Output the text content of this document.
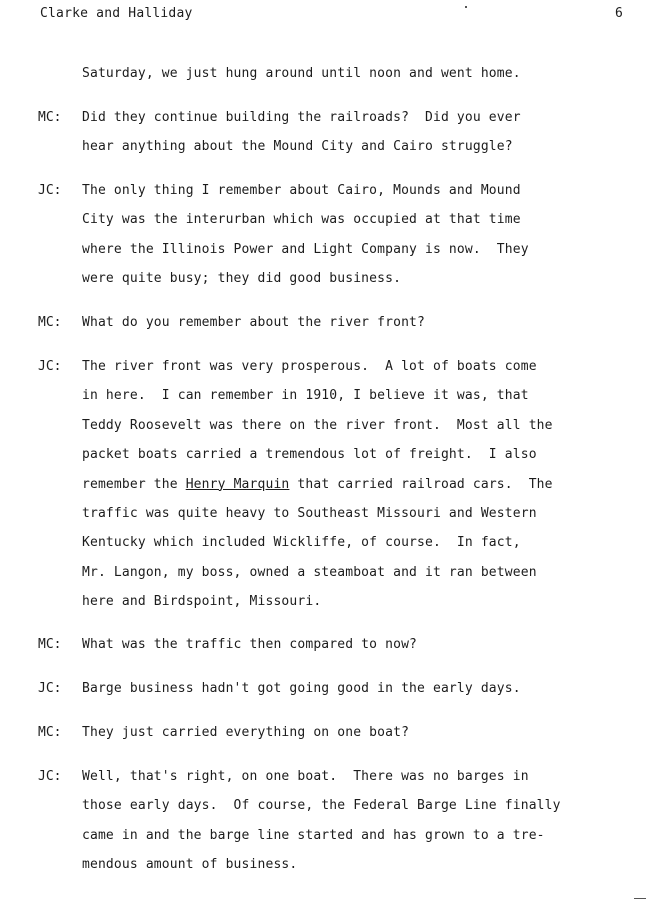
Clarke and Halliday	6
Saturday, we just hung around until noon and went home.
MC: Did they continue building the railroads?  Did you ever
hear anything about the Mound City and Cairo struggle?
JC: The only thing I remember about Cairo, Mounds and Mound
City was the interurban which was occupied at that time
where the Illinois Power and Light Company is now.  They
were quite busy; they did good business.
MC: What do you remember about the river front?
JC: The river front was very prosperous.  A lot of boats come
in here.  I can remember in 1910, I believe it was, that
Teddy Roosevelt was there on the river front.  Most all the
packet boats carried a tremendous lot of freight.  I also
remember the Henry Marquin that carried railroad cars.  The
traffic was quite heavy to Southeast Missouri and Western
Kentucky which included Wickliffe, of course.  In fact,
Mr. Langon, my boss, owned a steamboat and it ran between
here and Birdspoint, Missouri.
MC: What was the traffic then compared to now?
JC: Barge business hadn't got going good in the early days.
MC: They just carried everything on one boat?
JC: Well, that's right, on one boat.  There was no barges in
those early days.  Of course, the Federal Barge Line finally
came in and the barge line started and has grown to a tre-
mendous amount of business.
